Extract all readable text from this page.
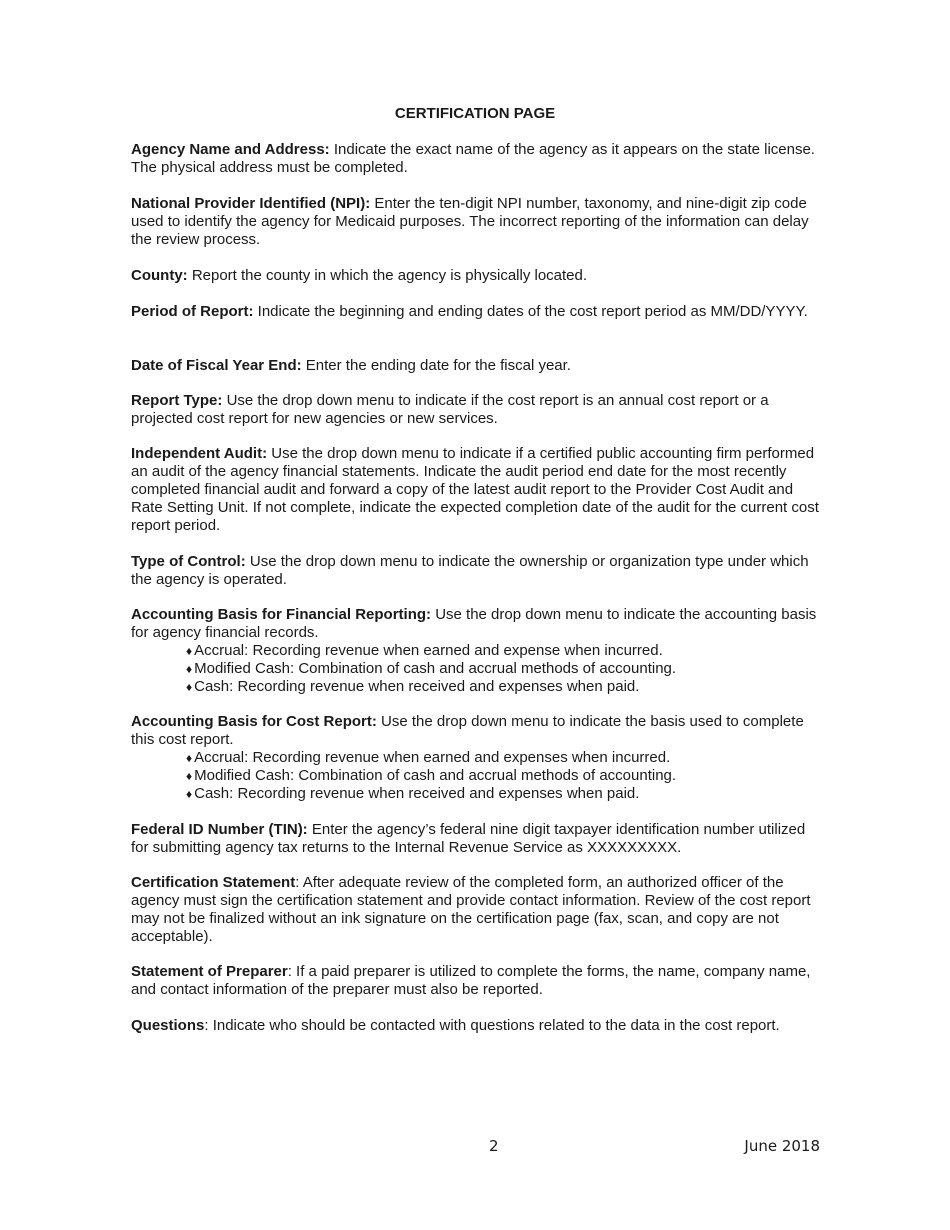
CERTIFICATION PAGE

Agency Name and Address: Indicate the exact name of the agency as it appears on the state license. The physical address must be completed.

National Provider Identified (NPI): Enter the ten-digit NPI number, taxonomy, and nine-digit zip code used to identify the agency for Medicaid purposes. The incorrect reporting of the information can delay the review process.

County: Report the county in which the agency is physically located.

Period of Report: Indicate the beginning and ending dates of the cost report period as MM/DD/YYYY.

Date of Fiscal Year End: Enter the ending date for the fiscal year.

Report Type: Use the drop down menu to indicate if the cost report is an annual cost report or a projected cost report for new agencies or new services.

Independent Audit: Use the drop down menu to indicate if a certified public accounting firm performed an audit of the agency financial statements. Indicate the audit period end date for the most recently completed financial audit and forward a copy of the latest audit report to the Provider Cost Audit and Rate Setting Unit. If not complete, indicate the expected completion date of the audit for the current cost report period.

Type of Control: Use the drop down menu to indicate the ownership or organization type under which the agency is operated.

Accounting Basis for Financial Reporting: Use the drop down menu to indicate the accounting basis for agency financial records.

♦ Accrual: Recording revenue when earned and expense when incurred.
♦ Modified Cash: Combination of cash and accrual methods of accounting.
♦ Cash: Recording revenue when received and expenses when paid.

Accounting Basis for Cost Report: Use the drop down menu to indicate the basis used to complete this cost report.

♦ Accrual: Recording revenue when earned and expenses when incurred.
♦ Modified Cash: Combination of cash and accrual methods of accounting.
♦ Cash: Recording revenue when received and expenses when paid.

Federal ID Number (TIN): Enter the agency’s federal nine digit taxpayer identification number utilized for submitting agency tax returns to the Internal Revenue Service as XXXXXXXXX.

Certification Statement: After adequate review of the completed form, an authorized officer of the agency must sign the certification statement and provide contact information. Review of the cost report may not be finalized without an ink signature on the certification page (fax, scan, and copy are not acceptable).

Statement of Preparer: If a paid preparer is utilized to complete the forms, the name, company name, and contact information of the preparer must also be reported.

Questions: Indicate who should be contacted with questions related to the data in the cost report.

2	June 2018
